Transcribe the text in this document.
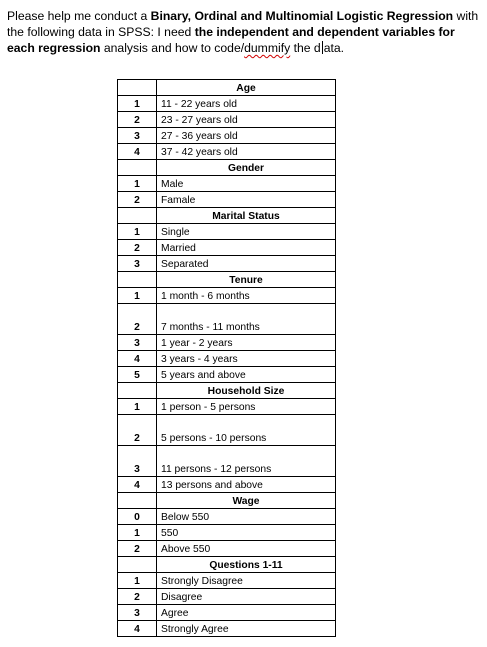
Please help me conduct a Binary, Ordinal and Multinomial Logistic Regression with the following data in SPSS: I need the independent and dependent variables for each regression analysis and how to code/dummify the d ata.
	Age
1	11 - 22 years old
2	23 - 27 years old
3	27 - 36 years old
4	37 - 42 years old
	Gender
1	Male
2	Famale
	Marital Status
1	Single
2	Married
3	Separated
	Tenure
1	1 month - 6 months
2	7 months - 11 months
3	1 year - 2 years
4	3 years - 4 years
5	5 years and above
	Household Size
1	1 person - 5 persons
2	5 persons - 10 persons
3	11 persons - 12 persons
4	13 persons and above
	Wage
0	Below 550
1	550
2	Above 550
	Questions 1-11
1	Strongly Disagree
2	Disagree
3	Agree
4	Strongly Agree
